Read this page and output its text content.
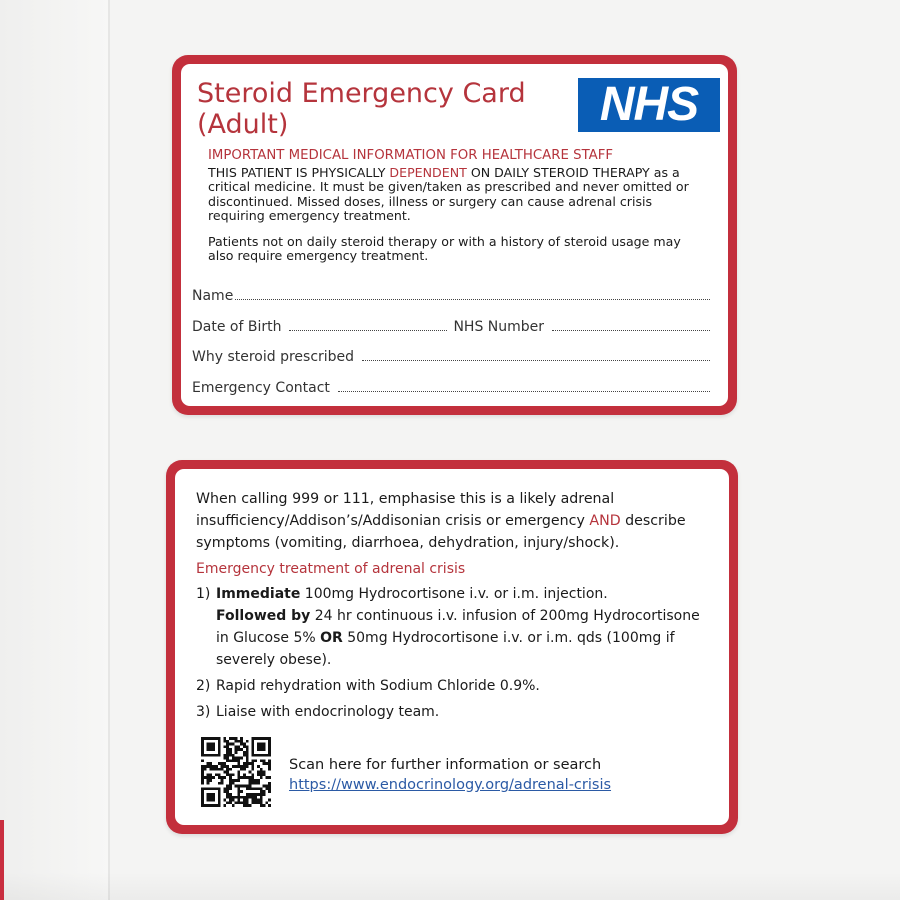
Steroid Emergency Card
(Adult)	NHS
IMPORTANT MEDICAL INFORMATION FOR HEALTHCARE STAFF
THIS PATIENT IS PHYSICALLY DEPENDENT ON DAILY STEROID THERAPY as a critical medicine. It must be given/taken as prescribed and never omitted or discontinued. Missed doses, illness or surgery can cause adrenal crisis requiring emergency treatment.
Patients not on daily steroid therapy or with a history of steroid usage may also require emergency treatment.
Name
Date of Birth	NHS Number
Why steroid prescribed
Emergency Contact
When calling 999 or 111, emphasise this is a likely adrenal insufficiency/Addison’s/Addisonian crisis or emergency AND describe symptoms (vomiting, diarrhoea, dehydration, injury/shock).
Emergency treatment of adrenal crisis
1) Immediate 100mg Hydrocortisone i.v. or i.m. injection.
Followed by 24 hr continuous i.v. infusion of 200mg Hydrocortisone in Glucose 5% OR 50mg Hydrocortisone i.v. or i.m. qds (100mg if severely obese).
2) Rapid rehydration with Sodium Chloride 0.9%.
3) Liaise with endocrinology team.
Scan here for further information or search
https://www.endocrinology.org/adrenal-crisis
